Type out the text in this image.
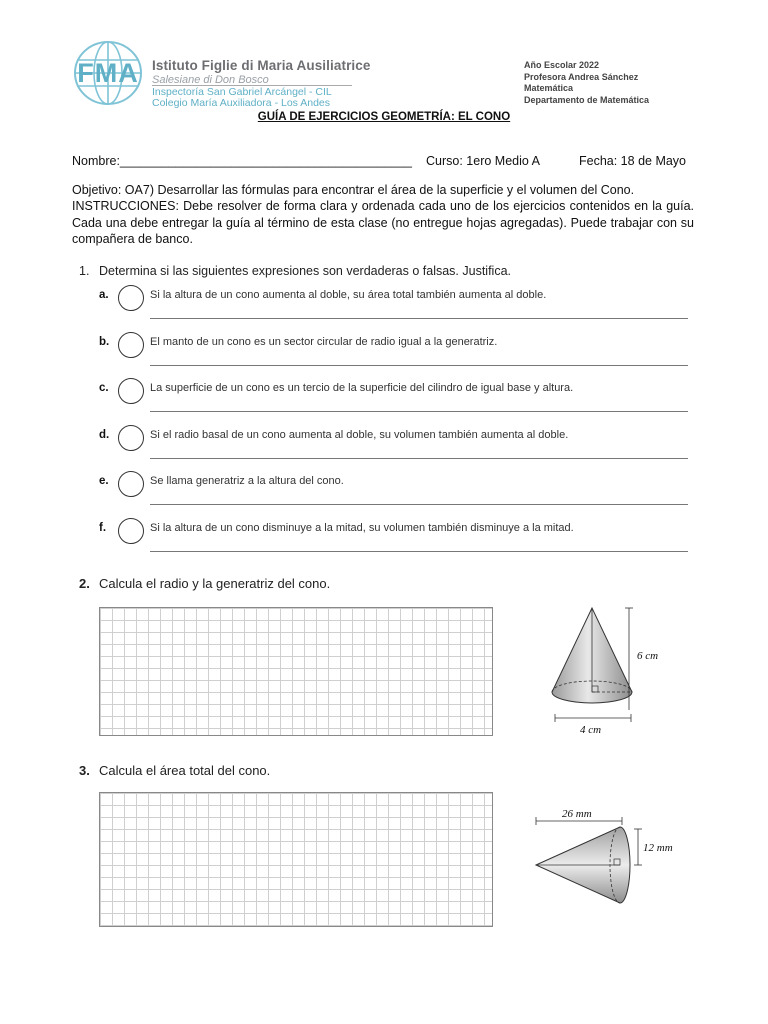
FMA Istituto Figlie di Maria Ausiliatrice
Salesiane di Don Bosco
Inspectoría San Gabriel Arcángel - CIL
Colegio María Auxiliadora - Los Andes
Año Escolar 2022
Profesora Andrea Sánchez
Matemática
Departamento de Matemática
GUÍA DE EJERCICIOS GEOMETRÍA: EL CONO
Nombre:__________________________________________ Curso: 1ero Medio A	Fecha: 18 de Mayo
Objetivo: OA7) Desarrollar las fórmulas para encontrar el área de la superficie y el volumen del Cono.
INSTRUCCIONES: Debe resolver de forma clara y ordenada cada uno de los ejercicios contenidos en la guía. Cada una debe entregar la guía al término de esta clase (no entregue hojas agregadas). Puede trabajar con su compañera de banco.
1. Determina si las siguientes expresiones son verdaderas o falsas. Justifica.
a.	Si la altura de un cono aumenta al doble, su área total también aumenta al doble.
b.	El manto de un cono es un sector circular de radio igual a la generatriz.
c.	La superficie de un cono es un tercio de la superficie del cilindro de igual base y altura.
d.	Si el radio basal de un cono aumenta al doble, su volumen también aumenta al doble.
e.	Se llama generatriz a la altura del cono.
f.	Si la altura de un cono disminuye a la mitad, su volumen también disminuye a la mitad.
2. Calcula el radio y la generatriz del cono.
6 cm
4 cm
3. Calcula el área total del cono.
26 mm
12 mm
